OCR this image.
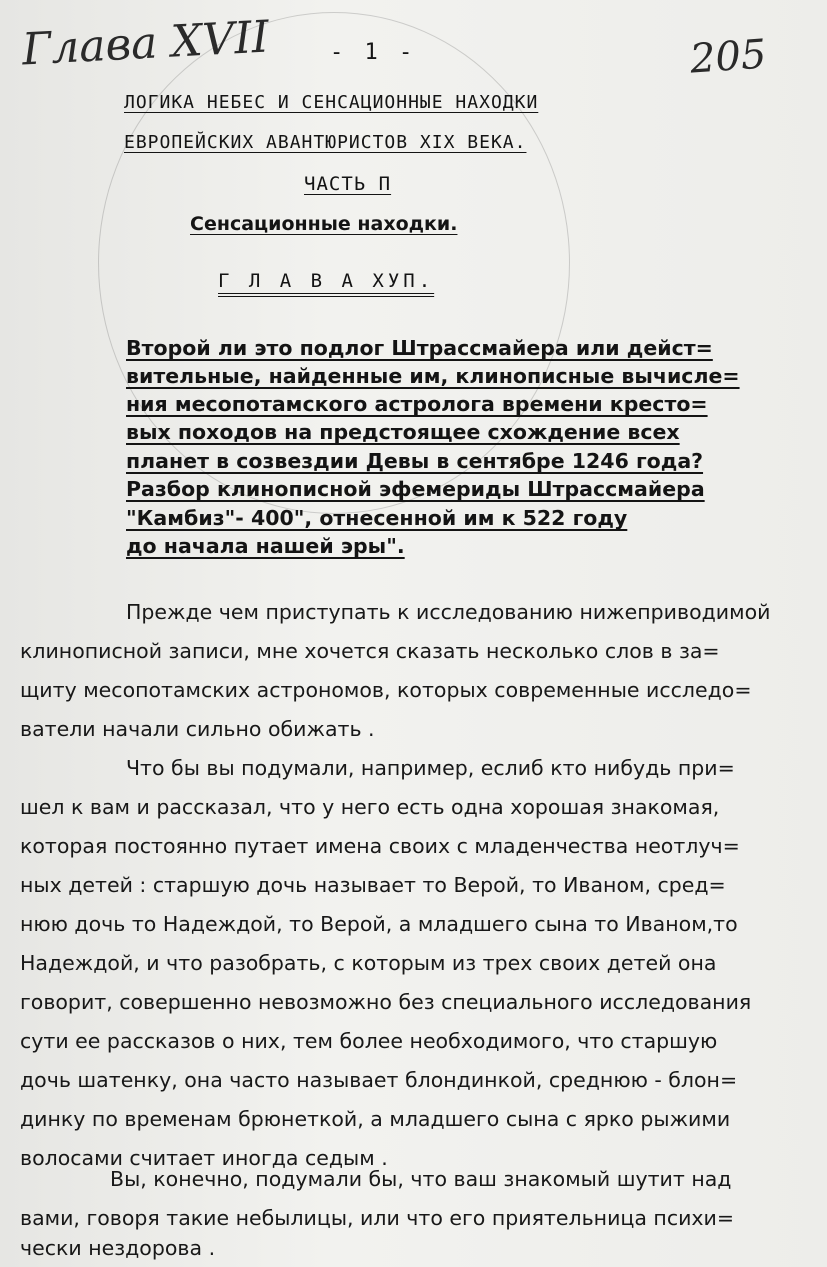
Глава XVII	205
- 1 -
ЛОГИКА НЕБЕС И СЕНСАЦИОННЫЕ НАХОДКИ
ЕВРОПЕЙСКИХ АВАНТЮРИСТОВ XIX ВЕКА.
ЧАСТЬ П
Сенсационные находки.
Г Л А В А ХУП.
Второй ли это подлог Штрассмайера или дейст=
вительные, найденные им, клинописные вычисле=
ния месопотамского астролога времени кресто=
вых походов на предстоящее схождение всех
планет в созвездии Девы в сентябре 1246 года?
Разбор клинописной эфемериды Штрассмайера
"Камбиз"- 400", отнесенной им к 522 году
до начала нашей эры".
Прежде чем приступать к исследованию нижеприводимой
клинописной записи, мне хочется сказать несколько слов в за=
щиту месопотамских астрономов, которых современные исследо=
ватели начали сильно обижать .
Что бы вы подумали, например, еслиб кто нибудь при=
шел к вам и рассказал, что у него есть одна хорошая знакомая,
которая постоянно путает имена своих с младенчества неотлуч=
ных детей : старшую дочь называет то Верой, то Иваном, сред=
нюю дочь то Надеждой, то Верой, а младшего сына то Иваном,то
Надеждой, и что разобрать, с которым из трех своих детей она
говорит, совершенно невозможно без специального исследования
сути ее рассказов о них, тем более необходимого, что старшую
дочь шатенку, она часто называет блондинкой, среднюю - блон=
динку по временам брюнеткой, а младшего сына с ярко рыжими
волосами считает иногда седым .
Вы, конечно, подумали бы, что ваш знакомый шутит над
вами, говоря такие небылицы, или что его приятельница психи=
чески нездорова .
